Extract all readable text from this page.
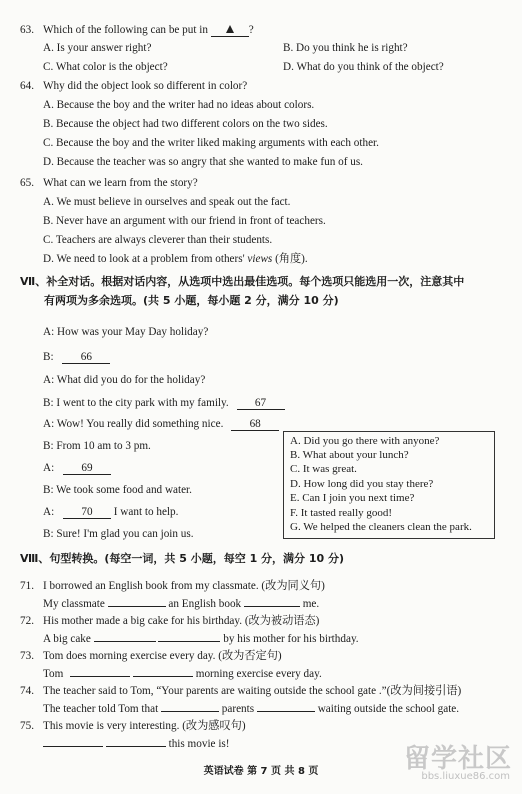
63. Which of the following can be put in	?
A. Is your answer right?	B. Do you think he is right?
C. What color is the object?	D. What do you think of the object?
64. Why did the object look so different in color?
A. Because the boy and the writer had no ideas about colors.
B. Because the object had two different colors on the two sides.
C. Because the boy and the writer liked making arguments with each other.
D. Because the teacher was so angry that she wanted to make fun of us.
65. What can we learn from the story?
A. We must believe in ourselves and speak out the fact.
B. Never have an argument with our friend in front of teachers.
C. Teachers are always cleverer than their students.
D. We need to look at a problem from others' views (角度).
Ⅶ、补全对话。根据对话内容，从选项中选出最佳选项。每个选项只能选用一次，注意其中
有两项为多余选项。(共 5 小题，每小题 2 分，满分 10 分)
A: How was your May Day holiday?
B: 66
A: What did you do for the holiday?
B: I went to the city park with my family. 67
A: Wow! You really did something nice. 68
B: From 10 am to 3 pm.
A: 69
B: We took some food and water.
A: 70 I want to help.
B: Sure! I'm glad you can join us.
A. Did you go there with anyone?
B. What about your lunch?
C. It was great.
D. How long did you stay there?
E. Can I join you next time?
F. It tasted really good!
G. We helped the cleaners clean the park.
Ⅷ、句型转换。(每空一词，共 5 小题，每空 1 分，满分 10 分)
71. I borrowed an English book from my classmate. (改为同义句)
My classmate	an English book	me.
72. His mother made a big cake for his birthday. (改为被动语态)
A big cake	by his mother for his birthday.
73. Tom does morning exercise every day. (改为否定句)
Tom	morning exercise every day.
74. The teacher said to Tom, “Your parents are waiting outside the school gate .”(改为间接引语)
The teacher told Tom that	parents	waiting outside the school gate.
75. This movie is very interesting. (改为感叹句)
this movie is!
英语试卷 第 7 页 共 8 页	留学社区
bbs.liuxue86.com
